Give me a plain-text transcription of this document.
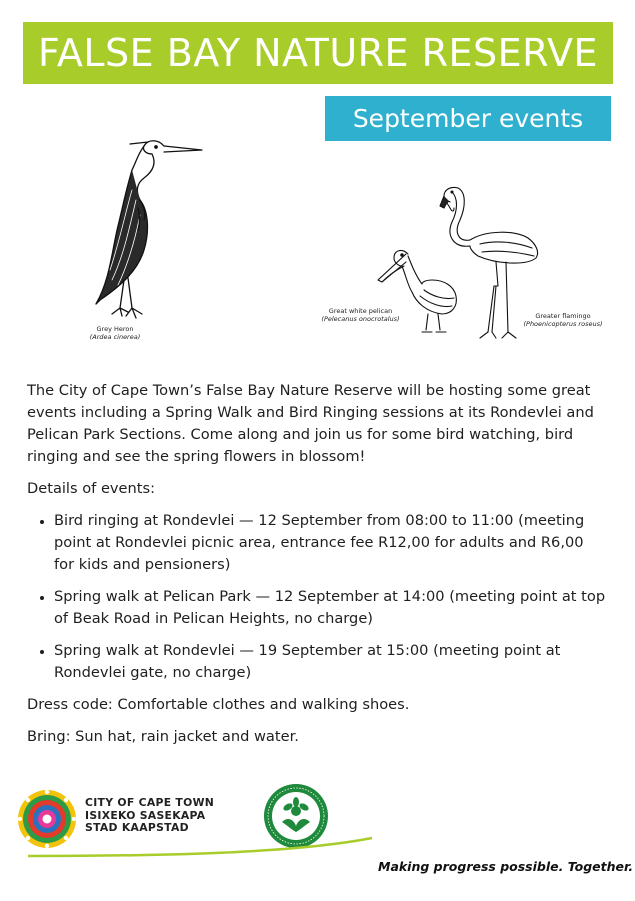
FALSE BAY NATURE RESERVE
September events
Grey Heron
(Ardea cinerea)
Great white pelican
(Pelecanus onocrotalus)	Greater flamingo
(Phoenicopterus roseus)

The City of Cape Town’s False Bay Nature Reserve will be hosting some great events including a Spring Walk and Bird Ringing sessions at its Rondevlei and Pelican Park Sections. Come along and join us for some bird watching, bird ringing and see the spring flowers in blossom!

Details of events:

• Bird ringing at Rondevlei — 12 September from 08:00 to 11:00 (meeting point at Rondevlei picnic area, entrance fee R12,00 for adults and R6,00 for kids and pensioners)
• Spring walk at Pelican Park — 12 September at 14:00 (meeting point at top of Beak Road in Pelican Heights, no charge)
• Spring walk at Rondevlei — 19 September at 15:00 (meeting point at Rondevlei gate, no charge)

Dress code: Comfortable clothes and walking shoes.

Bring: Sun hat, rain jacket and water.

CITY OF CAPE TOWN
ISIXEKO SASEKAPA
STAD KAAPSTAD
Making progress possible. Together.
